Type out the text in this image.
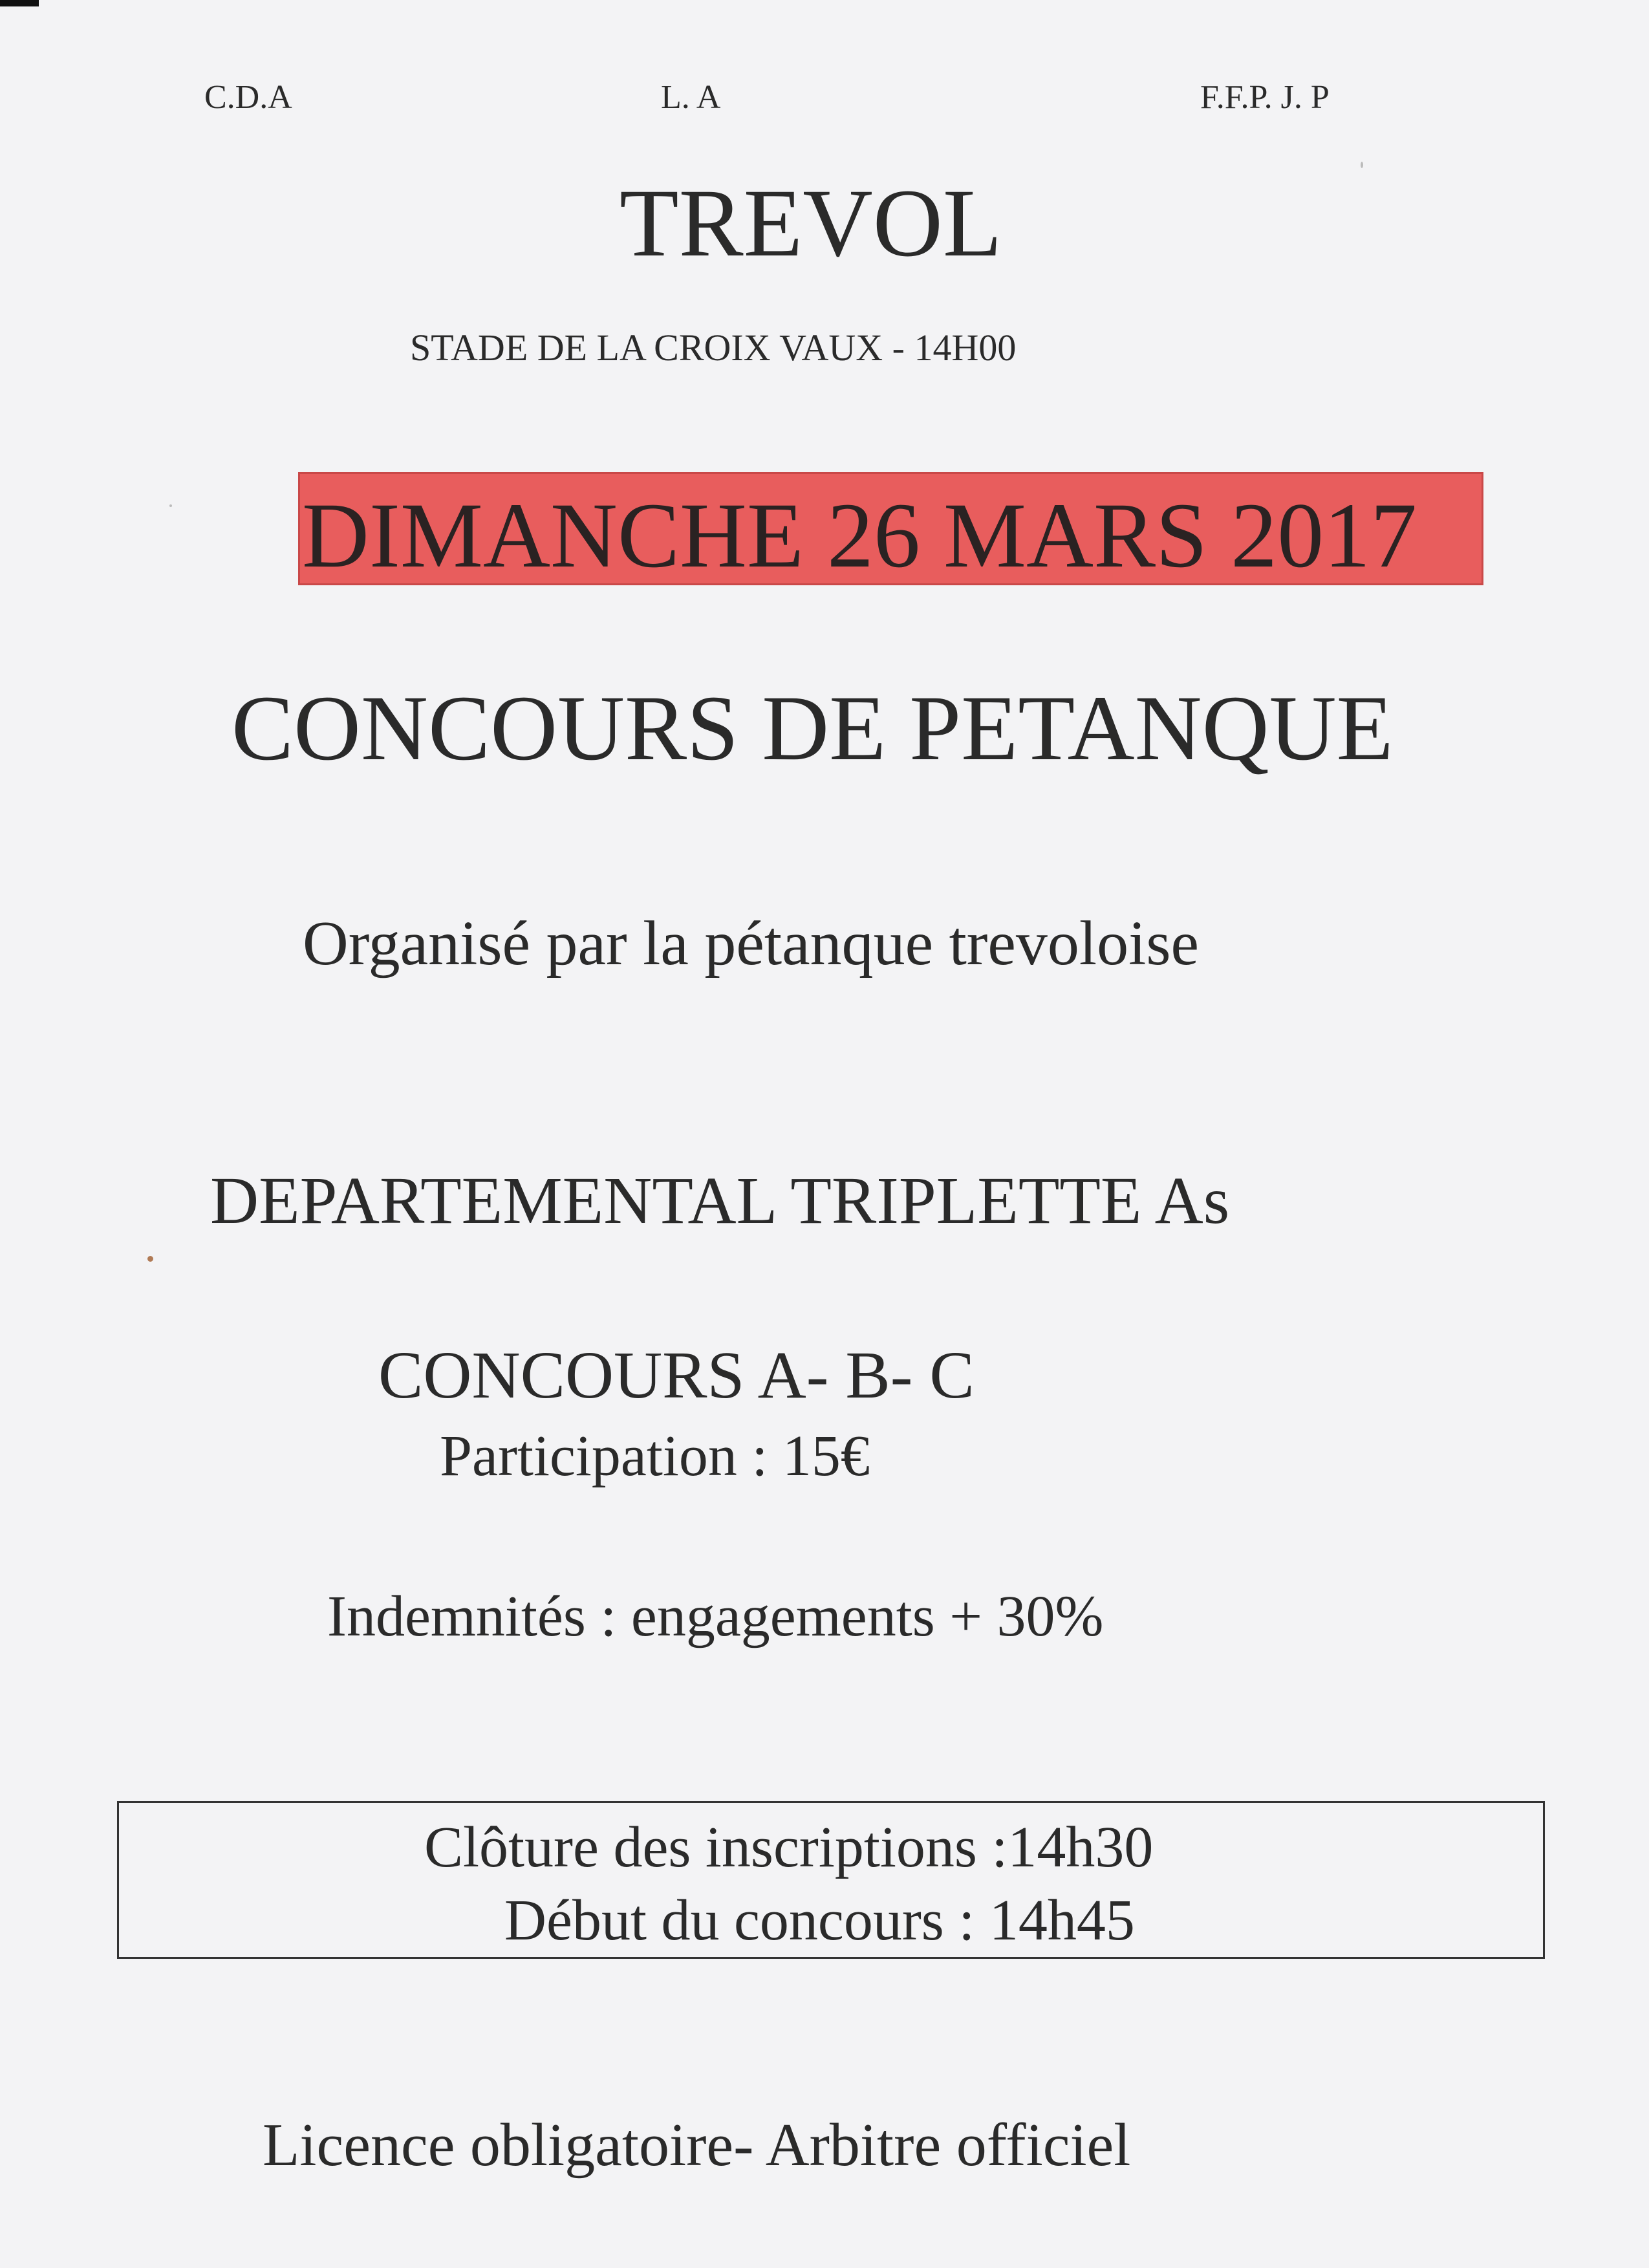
C.D.A	L. A	F.F.P. J. P

TREVOL

STADE DE LA CROIX VAUX - 14H00

DIMANCHE 26 MARS 2017
CONCOURS DE PETANQUE

Organisé par la pétanque trevoloise

DEPARTEMENTAL TRIPLETTE As

CONCOURS A- B- C

Participation : 15€

Indemnités : engagements + 30%

Clôture des inscriptions :14h30

Début du concours : 14h45

Licence obligatoire- Arbitre officiel
